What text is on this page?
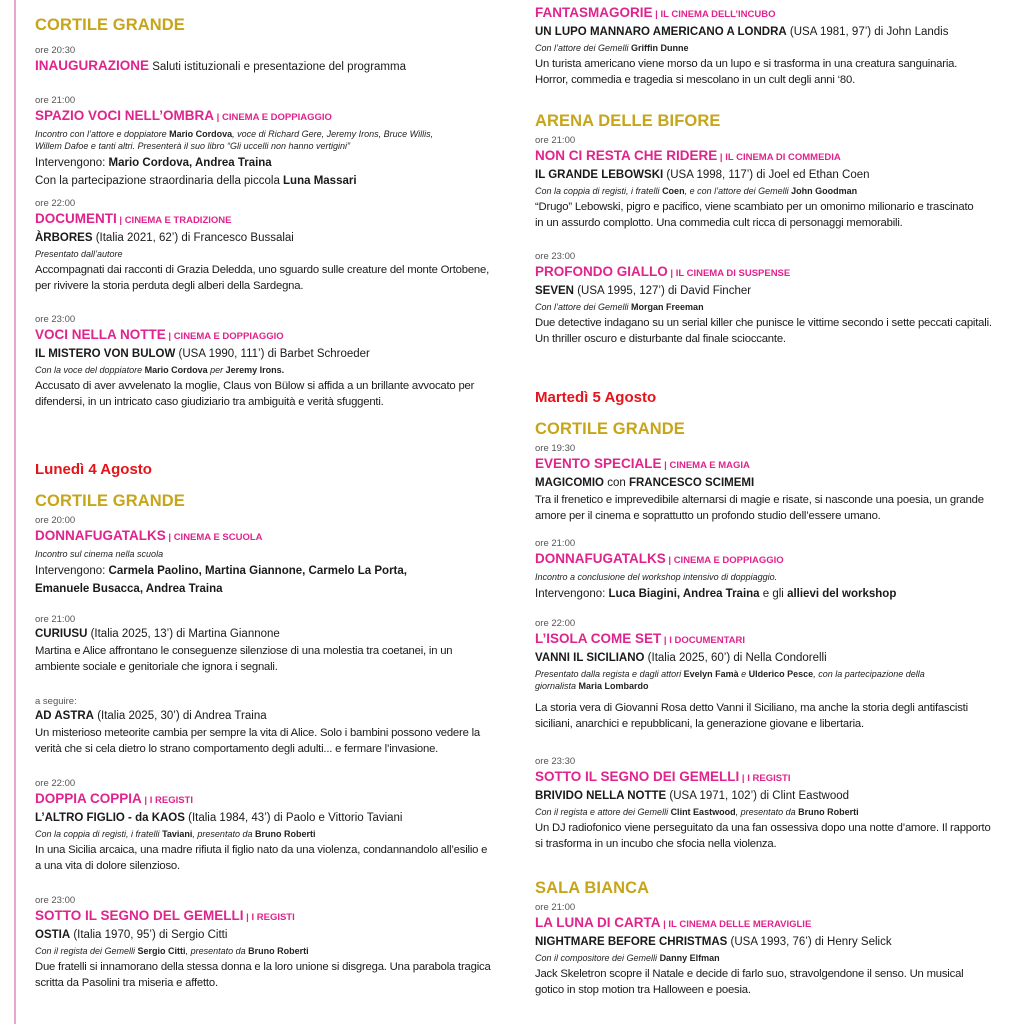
CORTILE GRANDE

ore 20:30

INAUGURAZIONE Saluti istituzionali e presentazione del programma

ore 21:00

SPAZIO VOCI NELL’OMBRA | CINEMA E DOPPIAGGIO

Incontro con l’attore e doppiatore Mario Cordova, voce di Richard Gere, Jeremy Irons, Bruce Willis,
Willem Dafoe e tanti altri. Presenterà il suo libro “Gli uccelli non hanno vertigini”

Intervengono: Mario Cordova, Andrea Traina

Con la partecipazione straordinaria della piccola Luna Massari

ore 22:00

DOCUMENTI | CINEMA E TRADIZIONE

ÀRBORES (Italia 2021, 62’) di Francesco Bussalai

Presentato dall’autore

Accompagnati dai racconti di Grazia Deledda, uno sguardo sulle creature del monte Ortobene,
per rivivere la storia perduta degli alberi della Sardegna.

ore 23:00

VOCI NELLA NOTTE | CINEMA E DOPPIAGGIO

IL MISTERO VON BULOW (USA 1990, 111’) di Barbet Schroeder

Con la voce del doppiatore Mario Cordova per Jeremy Irons.

Accusato di aver avvelenato la moglie, Claus von Bülow si affida a un brillante avvocato per
difendersi, in un intricato caso giudiziario tra ambiguità e verità sfuggenti.

Lunedì 4 Agosto
CORTILE GRANDE

ore 20:00

DONNAFUGATALKS | CINEMA E SCUOLA

Incontro sul cinema nella scuola

Intervengono: Carmela Paolino, Martina Giannone, Carmelo La Porta,
Emanuele Busacca, Andrea Traina

ore 21:00

CURIUSU (Italia 2025, 13’) di Martina Giannone

Martina e Alice affrontano le conseguenze silenziose di una molestia tra coetanei, in un
ambiente sociale e genitoriale che ignora i segnali.

a seguire:

AD ASTRA (Italia 2025, 30’) di Andrea Traina

Un misterioso meteorite cambia per sempre la vita di Alice. Solo i bambini possono vedere la
verità che si cela dietro lo strano comportamento degli adulti... e fermare l’invasione.

ore 22:00

DOPPIA COPPIA | I REGISTI

L’ALTRO FIGLIO - da KAOS (Italia 1984, 43’) di Paolo e Vittorio Taviani

Con la coppia di registi, i fratelli Taviani, presentato da Bruno Roberti

In una Sicilia arcaica, una madre rifiuta il figlio nato da una violenza, condannandolo all’esilio e
a una vita di dolore silenzioso.

ore 23:00

SOTTO IL SEGNO DEL GEMELLI | I REGISTI

OSTIA (Italia 1970, 95’) di Sergio Citti

Con il regista dei Gemelli Sergio Citti, presentato da Bruno Roberti

Due fratelli si innamorano della stessa donna e la loro unione si disgrega. Una parabola tragica
scritta da Pasolini tra miseria e affetto.

FANTASMAGORIE | IL CINEMA DELL’INCUBO

UN LUPO MANNARO AMERICANO A LONDRA (USA 1981, 97’) di John Landis

Con l’attore dei Gemelli Griffin Dunne

Un turista americano viene morso da un lupo e si trasforma in una creatura sanguinaria.
Horror, commedia e tragedia si mescolano in un cult degli anni ‘80.

ARENA DELLE BIFORE

ore 21:00

NON CI RESTA CHE RIDERE | IL CINEMA DI COMMEDIA

IL GRANDE LEBOWSKI (USA 1998, 117’) di Joel ed Ethan Coen

Con la coppia di registi, i fratelli Coen, e con l’attore dei Gemelli John Goodman

“Drugo” Lebowski, pigro e pacifico, viene scambiato per un omonimo milionario e trascinato
in un assurdo complotto. Una commedia cult ricca di personaggi memorabili.

ore 23:00

PROFONDO GIALLO | IL CINEMA DI SUSPENSE

SEVEN (USA 1995, 127’) di David Fincher

Con l’attore dei Gemelli Morgan Freeman

Due detective indagano su un serial killer che punisce le vittime secondo i sette peccati capitali.
Un thriller oscuro e disturbante dal finale scioccante.

Martedì 5 Agosto
CORTILE GRANDE

ore 19:30

EVENTO SPECIALE | CINEMA E MAGIA

MAGICOMIO con FRANCESCO SCIMEMI

Tra il frenetico e imprevedibile alternarsi di magie e risate, si nasconde una poesia, un grande
amore per il cinema e soprattutto un profondo studio dell’essere umano.

ore 21:00

DONNAFUGATALKS | CINEMA E DOPPIAGGIO

Incontro a conclusione del workshop intensivo di doppiaggio.

Intervengono: Luca Biagini, Andrea Traina e gli allievi del workshop

ore 22:00

L’ISOLA COME SET | I DOCUMENTARI

VANNI IL SICILIANO (Italia 2025, 60’) di Nella Condorelli

Presentato dalla regista e dagli attori Evelyn Famà e Ulderico Pesce, con la partecipazione della
giornalista Maria Lombardo

La storia vera di Giovanni Rosa detto Vanni il Siciliano, ma anche la storia degli antifascisti
siciliani, anarchici e repubblicani, la generazione giovane e libertaria.

ore 23:30

SOTTO IL SEGNO DEI GEMELLI | I REGISTI

BRIVIDO NELLA NOTTE (USA 1971, 102’) di Clint Eastwood

Con il regista e attore dei Gemelli Clint Eastwood, presentato da Bruno Roberti

Un DJ radiofonico viene perseguitato da una fan ossessiva dopo una notte d’amore. Il rapporto
si trasforma in un incubo che sfocia nella violenza.

SALA BIANCA

ore 21:00

LA LUNA DI CARTA | IL CINEMA DELLE MERAVIGLIE

NIGHTMARE BEFORE CHRISTMAS (USA 1993, 76’) di Henry Selick

Con il compositore dei Gemelli Danny Elfman

Jack Skeletron scopre il Natale e decide di farlo suo, stravolgendone il senso. Un musical
gotico in stop motion tra Halloween e poesia.
